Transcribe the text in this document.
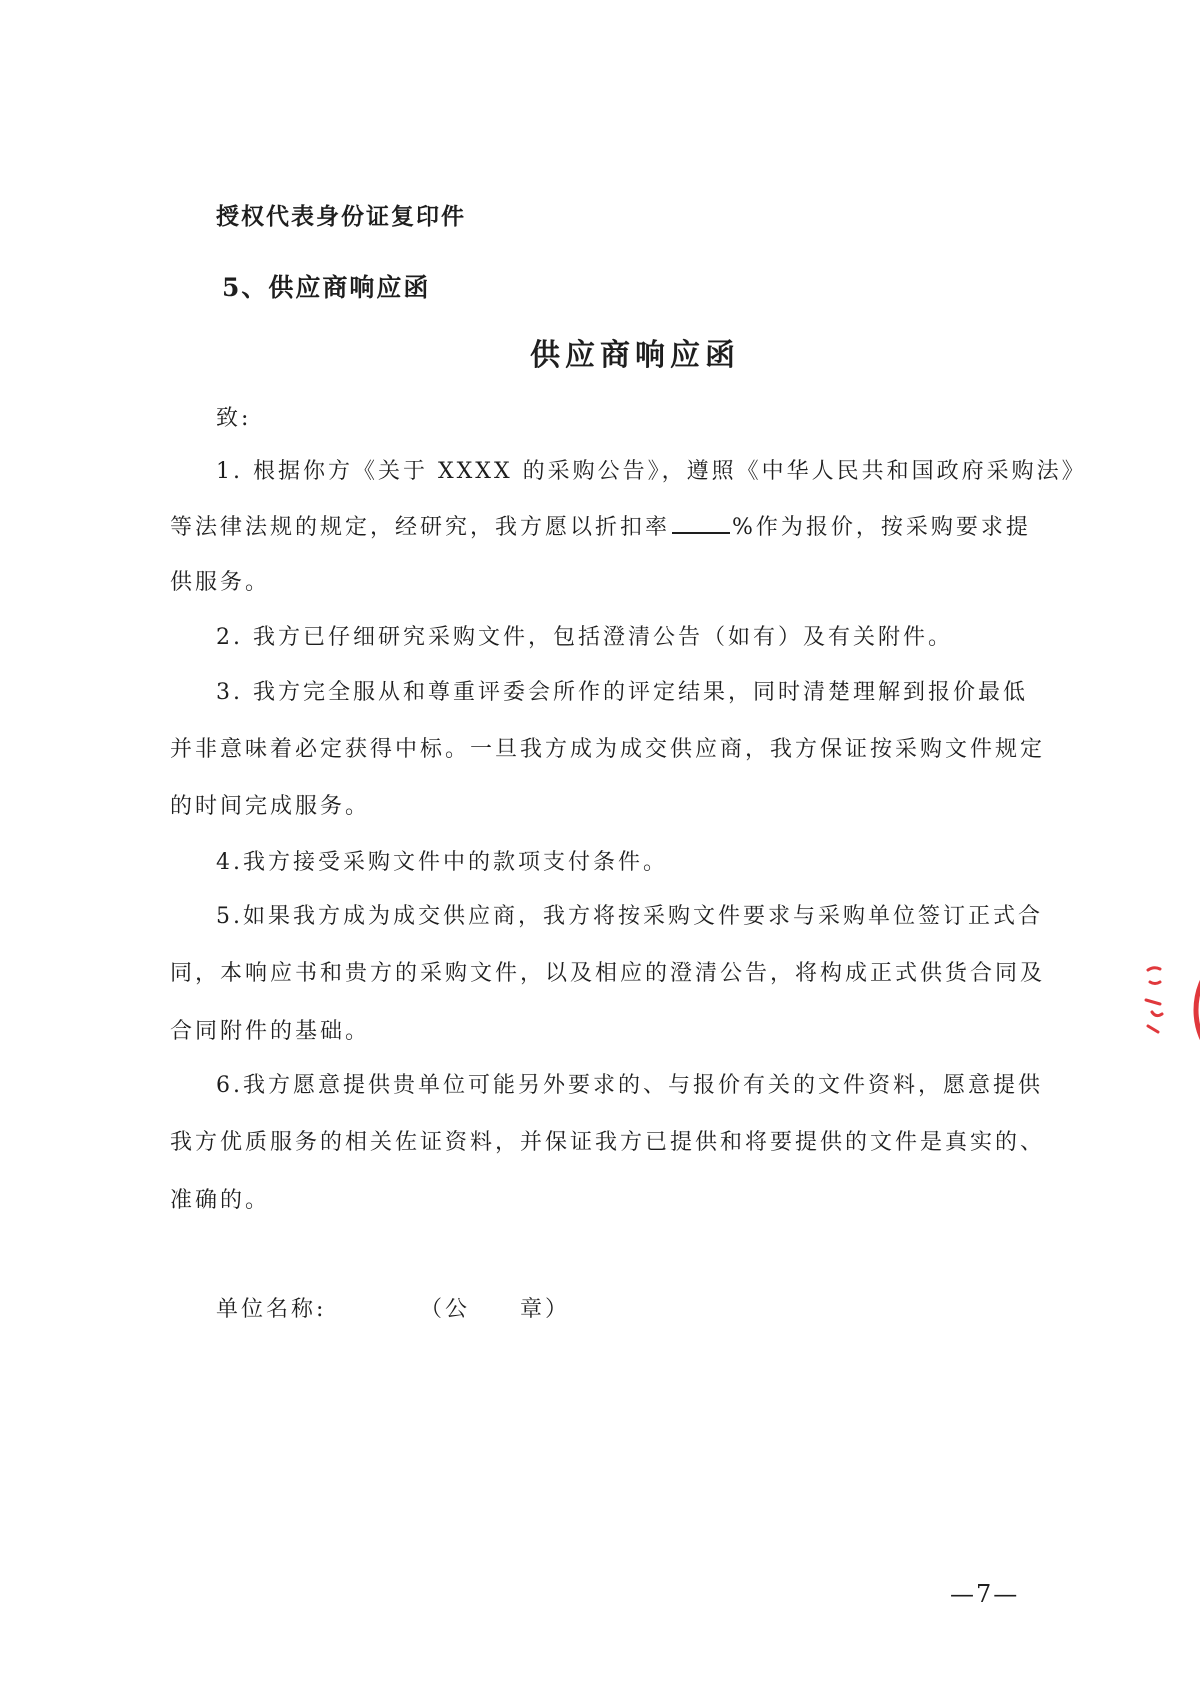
授权代表身份证复印件
5、供应商响应函
供应商响应函
致:
1. 根据你方《关于 XXXX 的采购公告》，遵照《中华人民共和国政府采购法》
等法律法规的规定，经研究，我方愿以折扣率	%作为报价，按采购要求提
供服务。
2. 我方已仔细研究采购文件，包括澄清公告（如有）及有关附件。
3. 我方完全服从和尊重评委会所作的评定结果，同时清楚理解到报价最低
并非意味着必定获得中标。一旦我方成为成交供应商，我方保证按采购文件规定
的时间完成服务。
4.我方接受采购文件中的款项支付条件。
5.如果我方成为成交供应商，我方将按采购文件要求与采购单位签订正式合
同，本响应书和贵方的采购文件，以及相应的澄清公告，将构成正式供货合同及
合同附件的基础。
6.我方愿意提供贵单位可能另外要求的、与报价有关的文件资料，愿意提供
我方优质服务的相关佐证资料，并保证我方已提供和将要提供的文件是真实的、
准确的。
单位名称:	（公　　章）
—7—
